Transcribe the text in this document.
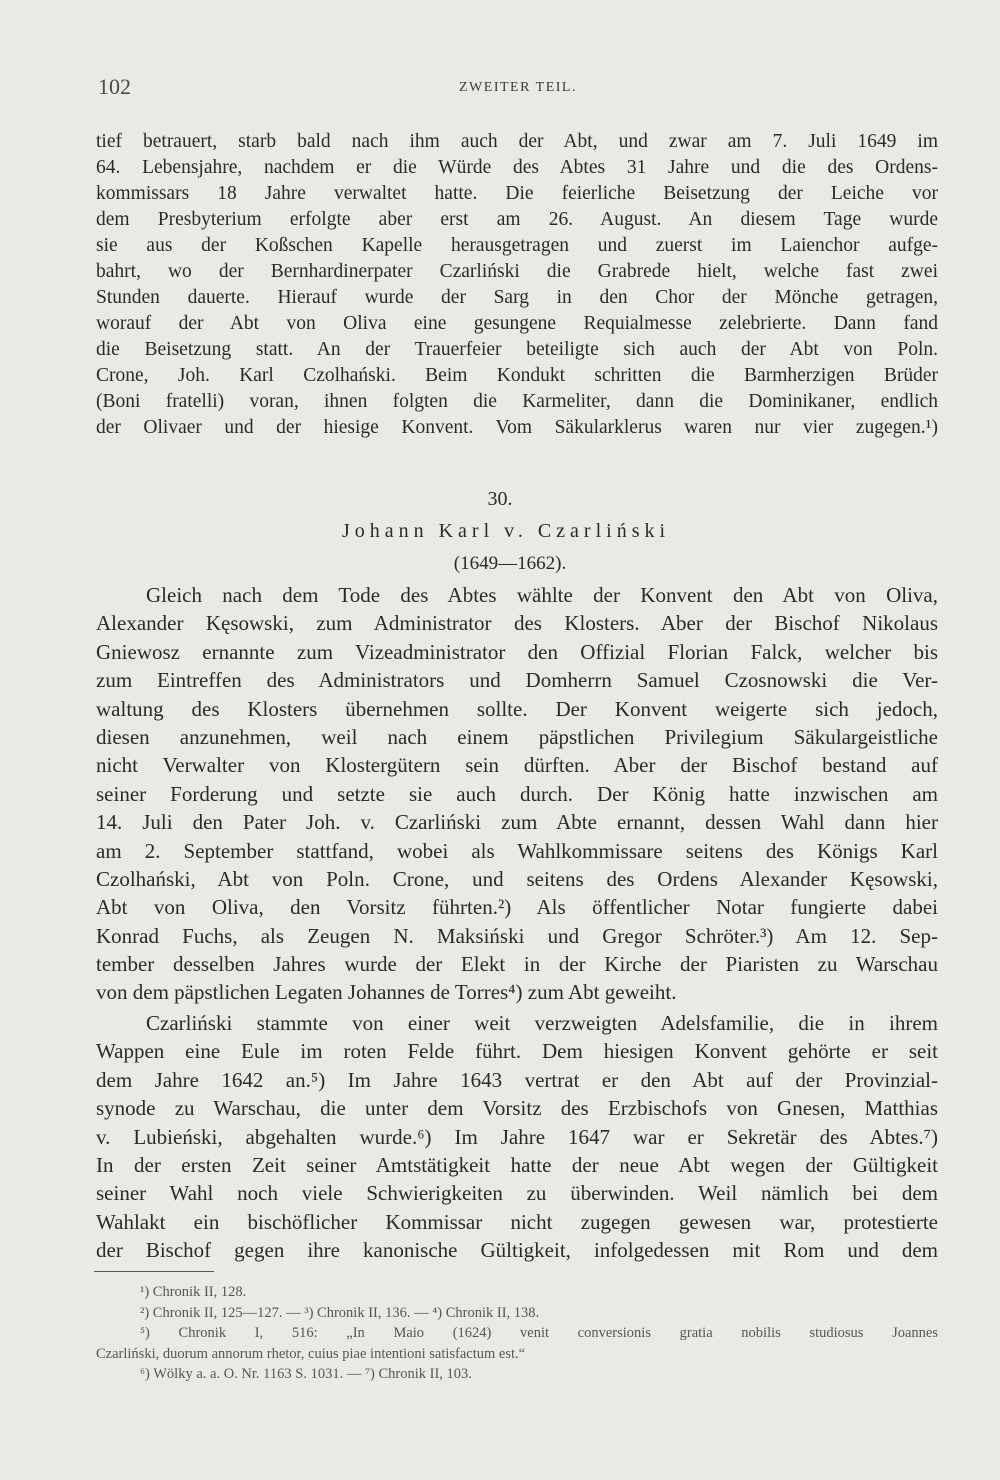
102	ZWEITER TEIL.
tief betrauert, starb bald nach ihm auch der Abt, und zwar am 7. Juli 1649 im
64. Lebensjahre, nachdem er die Würde des Abtes 31 Jahre und die des Ordens-
kommissars 18 Jahre verwaltet hatte. Die feierliche Beisetzung der Leiche vor
dem Presbyterium erfolgte aber erst am 26. August. An diesem Tage wurde
sie aus der Koßschen Kapelle herausgetragen und zuerst im Laienchor aufge-
bahrt, wo der Bernhardinerpater Czarliński die Grabrede hielt, welche fast zwei
Stunden dauerte. Hierauf wurde der Sarg in den Chor der Mönche getragen,
worauf der Abt von Oliva eine gesungene Requialmesse zelebrierte. Dann fand
die Beisetzung statt. An der Trauerfeier beteiligte sich auch der Abt von Poln.
Crone, Joh. Karl Czolhański. Beim Kondukt schritten die Barmherzigen Brüder
(Boni fratelli) voran, ihnen folgten die Karmeliter, dann die Dominikaner, endlich
der Olivaer und der hiesige Konvent. Vom Säkularklerus waren nur vier zugegen.¹)
30.
Johann Karl v. Czarliński
(1649—1662).
Gleich nach dem Tode des Abtes wählte der Konvent den Abt von Oliva,
Alexander Kęsowski, zum Administrator des Klosters. Aber der Bischof Nikolaus
Gniewosz ernannte zum Vizeadministrator den Offizial Florian Falck, welcher bis
zum Eintreffen des Administrators und Domherrn Samuel Czosnowski die Ver-
waltung des Klosters übernehmen sollte. Der Konvent weigerte sich jedoch,
diesen anzunehmen, weil nach einem päpstlichen Privilegium Säkulargeistliche
nicht Verwalter von Klostergütern sein dürften. Aber der Bischof bestand auf
seiner Forderung und setzte sie auch durch. Der König hatte inzwischen am
14. Juli den Pater Joh. v. Czarliński zum Abte ernannt, dessen Wahl dann hier
am 2. September stattfand, wobei als Wahlkommissare seitens des Königs Karl
Czolhański, Abt von Poln. Crone, und seitens des Ordens Alexander Kęsowski,
Abt von Oliva, den Vorsitz führten.²) Als öffentlicher Notar fungierte dabei
Konrad Fuchs, als Zeugen N. Maksiński und Gregor Schröter.³) Am 12. Sep-
tember desselben Jahres wurde der Elekt in der Kirche der Piaristen zu Warschau
von dem päpstlichen Legaten Johannes de Torres⁴) zum Abt geweiht.
Czarliński stammte von einer weit verzweigten Adelsfamilie, die in ihrem
Wappen eine Eule im roten Felde führt. Dem hiesigen Konvent gehörte er seit
dem Jahre 1642 an.⁵) Im Jahre 1643 vertrat er den Abt auf der Provinzial-
synode zu Warschau, die unter dem Vorsitz des Erzbischofs von Gnesen, Matthias
v. Lubieński, abgehalten wurde.⁶) Im Jahre 1647 war er Sekretär des Abtes.⁷)
In der ersten Zeit seiner Amtstätigkeit hatte der neue Abt wegen der Gültigkeit
seiner Wahl noch viele Schwierigkeiten zu überwinden. Weil nämlich bei dem
Wahlakt ein bischöflicher Kommissar nicht zugegen gewesen war, protestierte
der Bischof gegen ihre kanonische Gültigkeit, infolgedessen mit Rom und dem
¹) Chronik II, 128.
²) Chronik II, 125—127. — ³) Chronik II, 136. — ⁴) Chronik II, 138.
⁵) Chronik I, 516: „In Maio (1624) venit conversionis gratia nobilis studiosus Joannes
Czarliński, duorum annorum rhetor, cuius piae intentioni satisfactum est.“
⁶) Wölky a. a. O. Nr. 1163 S. 1031. — ⁷) Chronik II, 103.
